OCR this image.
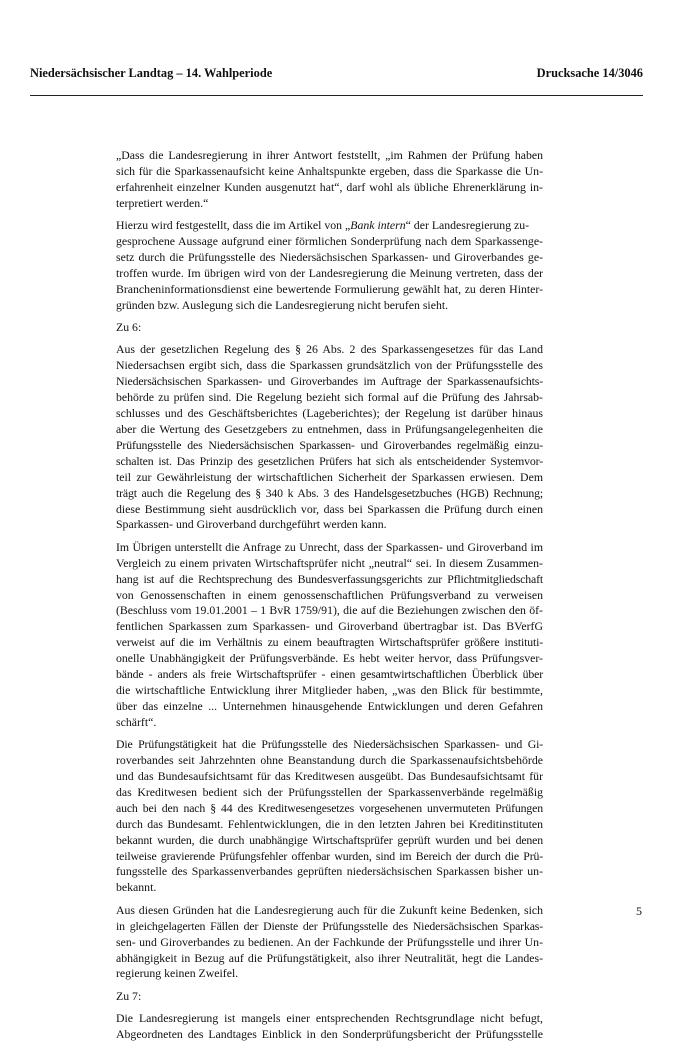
Niedersächsischer Landtag – 14. Wahlperiode	Drucksache 14/3046
„Dass die Landesregierung in ihrer Antwort feststellt, „im Rahmen der Prüfung haben
sich für die Sparkassenaufsicht keine Anhaltspunkte ergeben, dass die Sparkasse die Un-
erfahrenheit einzelner Kunden ausgenutzt hat“, darf wohl als übliche Ehrenerklärung in-
terpretiert werden.“
Hierzu wird festgestellt, dass die im Artikel von „Bank intern“ der Landesregierung zu-
gesprochene Aussage aufgrund einer förmlichen Sonderprüfung nach dem Sparkassenge-
setz durch die Prüfungsstelle des Niedersächsischen Sparkassen- und Giroverbandes ge-
troffen wurde. Im übrigen wird von der Landesregierung die Meinung vertreten, dass der
Brancheninformationsdienst eine bewertende Formulierung gewählt hat, zu deren Hinter-
gründen bzw. Auslegung sich die Landesregierung nicht berufen sieht.
Zu 6:
Aus der gesetzlichen Regelung des § 26 Abs. 2 des Sparkassengesetzes für das Land
Niedersachsen ergibt sich, dass die Sparkassen grundsätzlich von der Prüfungsstelle des
Niedersächsischen Sparkassen- und Giroverbandes im Auftrage der Sparkassenaufsichts-
behörde zu prüfen sind. Die Regelung bezieht sich formal auf die Prüfung des Jahrsab-
schlusses und des Geschäftsberichtes (Lageberichtes); der Regelung ist darüber hinaus
aber die Wertung des Gesetzgebers zu entnehmen, dass in Prüfungsangelegenheiten die
Prüfungsstelle des Niedersächsischen Sparkassen- und Giroverbandes regelmäßig einzu-
schalten ist. Das Prinzip des gesetzlichen Prüfers hat sich als entscheidender Systemvor-
teil zur Gewährleistung der wirtschaftlichen Sicherheit der Sparkassen erwiesen. Dem
trägt auch die Regelung des § 340 k Abs. 3 des Handelsgesetzbuches (HGB) Rechnung;
diese Bestimmung sieht ausdrücklich vor, dass bei Sparkassen die Prüfung durch einen
Sparkassen- und Giroverband durchgeführt werden kann.
Im Übrigen unterstellt die Anfrage zu Unrecht, dass der Sparkassen- und Giroverband im
Vergleich zu einem privaten Wirtschaftsprüfer nicht „neutral“ sei. In diesem Zusammen-
hang ist auf die Rechtsprechung des Bundesverfassungsgerichts zur Pflichtmitgliedschaft
von Genossenschaften in einem genossenschaftlichen Prüfungsverband zu verweisen
(Beschluss vom 19.01.2001 – 1 BvR 1759/91), die auf die Beziehungen zwischen den öf-
fentlichen Sparkassen zum Sparkassen- und Giroverband übertragbar ist. Das BVerfG
verweist auf die im Verhältnis zu einem beauftragten Wirtschaftsprüfer größere instituti-
onelle Unabhängigkeit der Prüfungsverbände. Es hebt weiter hervor, dass Prüfungsver-
bände - anders als freie Wirtschaftsprüfer - einen gesamtwirtschaftlichen Überblick über
die wirtschaftliche Entwicklung ihrer Mitglieder haben, „was den Blick für bestimmte,
über das einzelne ... Unternehmen hinausgehende Entwicklungen und deren Gefahren
schärft“.
Die Prüfungstätigkeit hat die Prüfungsstelle des Niedersächsischen Sparkassen- und Gi-
roverbandes seit Jahrzehnten ohne Beanstandung durch die Sparkassenaufsichtsbehörde
und das Bundesaufsichtsamt für das Kreditwesen ausgeübt. Das Bundesaufsichtsamt für
das Kreditwesen bedient sich der Prüfungsstellen der Sparkassenverbände regelmäßig
auch bei den nach § 44 des Kreditwesengesetzes vorgesehenen unvermuteten Prüfungen
durch das Bundesamt. Fehlentwicklungen, die in den letzten Jahren bei Kreditinstituten
bekannt wurden, die durch unabhängige Wirtschaftsprüfer geprüft wurden und bei denen
teilweise gravierende Prüfungsfehler offenbar wurden, sind im Bereich der durch die Prü-
fungsstelle des Sparkassenverbandes geprüften niedersächsischen Sparkassen bisher un-
bekannt.
Aus diesen Gründen hat die Landesregierung auch für die Zukunft keine Bedenken, sich
in gleichgelagerten Fällen der Dienste der Prüfungsstelle des Niedersächsischen Sparkas-
sen- und Giroverbandes zu bedienen. An der Fachkunde der Prüfungsstelle und ihrer Un-
abhängigkeit in Bezug auf die Prüfungstätigkeit, also ihrer Neutralität, hegt die Landes-
regierung keinen Zweifel.
Zu 7:
Die Landesregierung ist mangels einer entsprechenden Rechtsgrundlage nicht befugt,
Abgeordneten des Landtages Einblick in den Sonderprüfungsbericht der Prüfungsstelle
5
